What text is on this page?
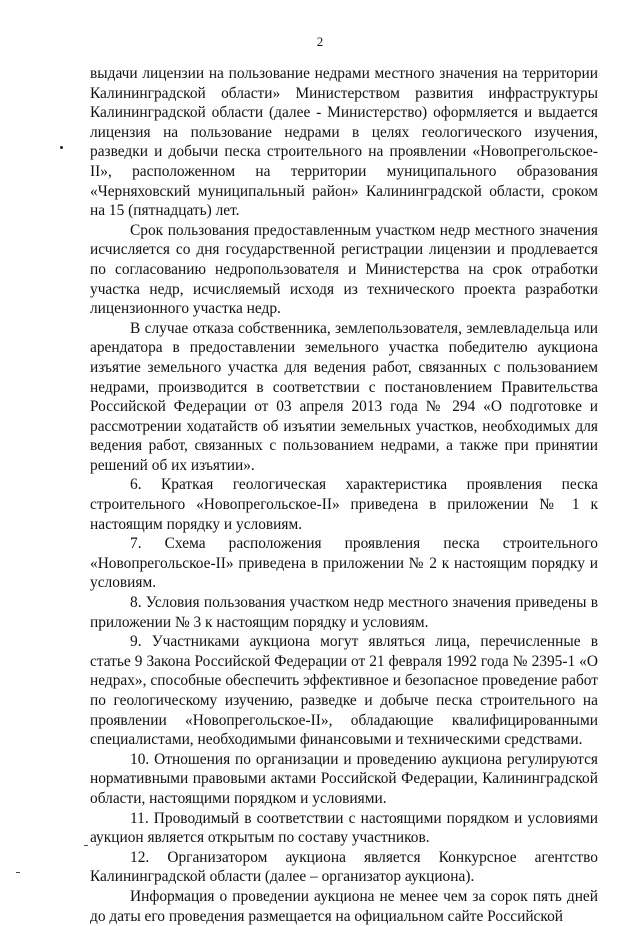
2

выдачи лицензии на пользование недрами местного значения на территории Калининградской области» Министерством развития инфраструктуры Калининградской области (далее - Министерство) оформляется и выдается лицензия на пользование недрами в целях геологического изучения, разведки и добычи песка строительного на проявлении «Новопрегольское-II», расположенном на территории муниципального образования «Черняховский муниципальный район» Калининградской области, сроком на 15 (пятнадцать) лет.

Срок пользования предоставленным участком недр местного значения исчисляется со дня государственной регистрации лицензии и продлевается по согласованию недропользователя и Министерства на срок отработки участка недр, исчисляемый исходя из технического проекта разработки лицензионного участка недр.

В случае отказа собственника, землепользователя, землевладельца или арендатора в предоставлении земельного участка победителю аукциона изъятие земельного участка для ведения работ, связанных с пользованием недрами, производится в соответствии с постановлением Правительства Российской Федерации от 03 апреля 2013 года № 294 «О подготовке и рассмотрении ходатайств об изъятии земельных участков, необходимых для ведения работ, связанных с пользованием недрами, а также при принятии решений об их изъятии».

6. Краткая геологическая характеристика проявления песка строительного «Новопрегольское-II» приведена в приложении № 1 к настоящим порядку и условиям.

7. Схема расположения проявления песка строительного «Новопрегольское-II» приведена в приложении № 2 к настоящим порядку и условиям.

8. Условия пользования участком недр местного значения приведены в приложении № 3 к настоящим порядку и условиям.

9. Участниками аукциона могут являться лица, перечисленные в статье 9 Закона Российской Федерации от 21 февраля 1992 года № 2395-1 «О недрах», способные обеспечить эффективное и безопасное проведение работ по геологическому изучению, разведке и добыче песка строительного на проявлении «Новопрегольское-II», обладающие квалифицированными специалистами, необходимыми финансовыми и техническими средствами.

10. Отношения по организации и проведению аукциона регулируются нормативными правовыми актами Российской Федерации, Калининградской области, настоящими порядком и условиями.

11. Проводимый в соответствии с настоящими порядком и условиями аукцион является открытым по составу участников.

12. Организатором аукциона является Конкурсное агентство Калининградской области (далее – организатор аукциона).

Информация о проведении аукциона не менее чем за сорок пять дней до даты его проведения размещается на официальном сайте Российской
